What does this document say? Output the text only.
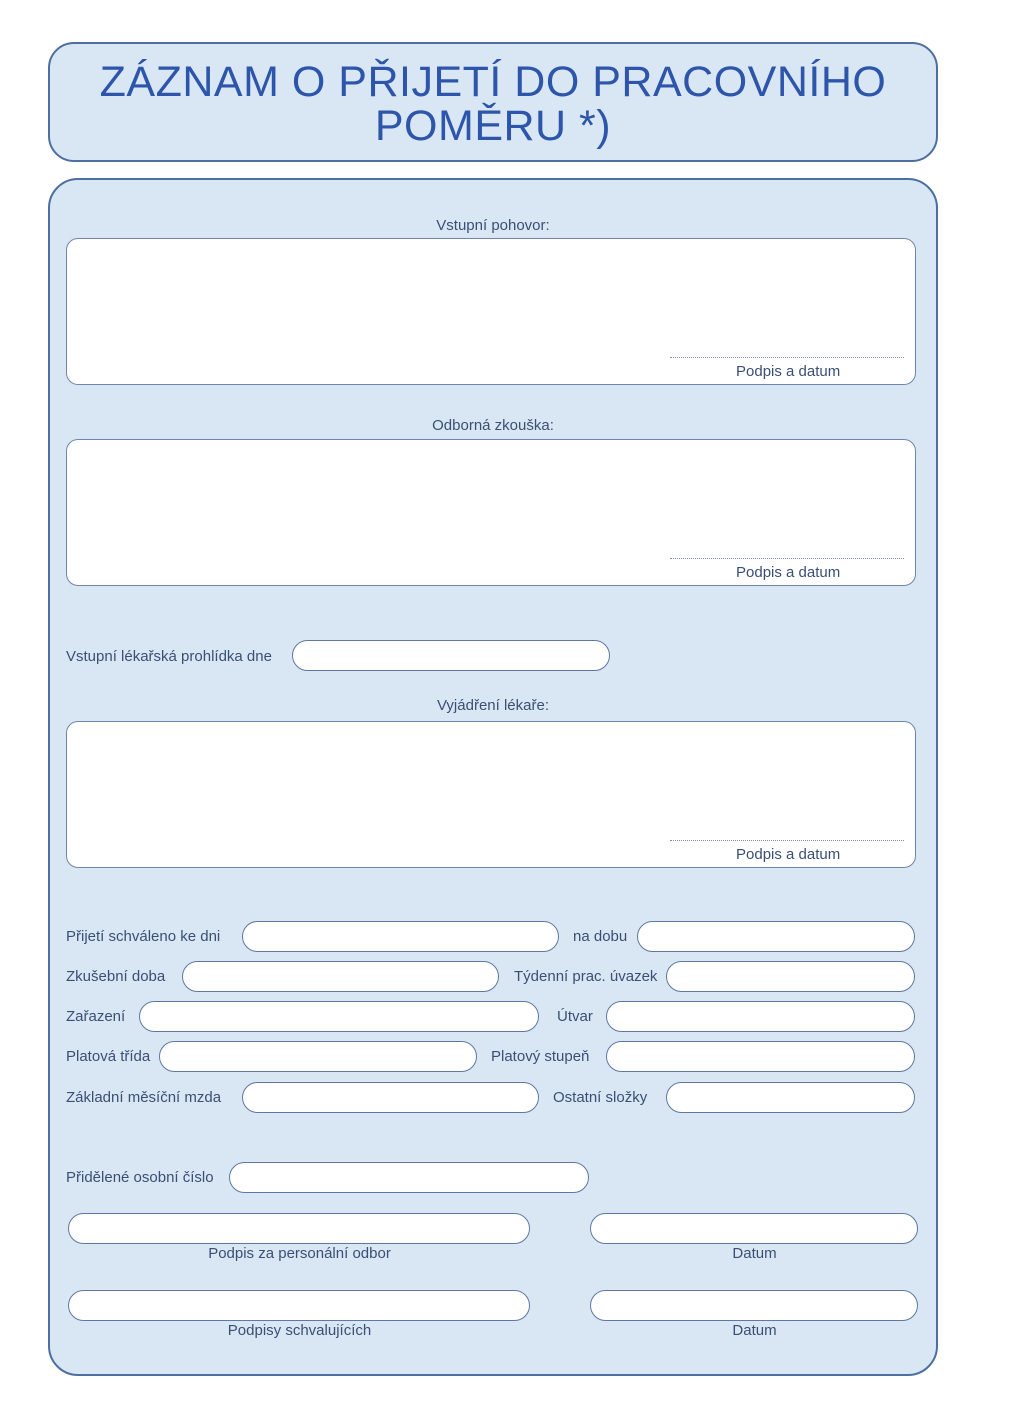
ZÁZNAM O PŘIJETÍ DO PRACOVNÍHO
POMĚRU *)
Vstupní pohovor:
Podpis a datum
Odborná zkouška:
Podpis a datum
Vstupní lékařská prohlídka dne
Vyjádření lékaře:
Podpis a datum
Přijetí schváleno ke dni	na dobu
Zkušební doba	Týdenní prac. úvazek
Zařazení	Útvar
Platová třída	Platový stupeň
Základní měsíční mzda	Ostatní složky
Přidělené osobní číslo
Podpis za personální odbor	Datum
Podpisy schvalujících	Datum
